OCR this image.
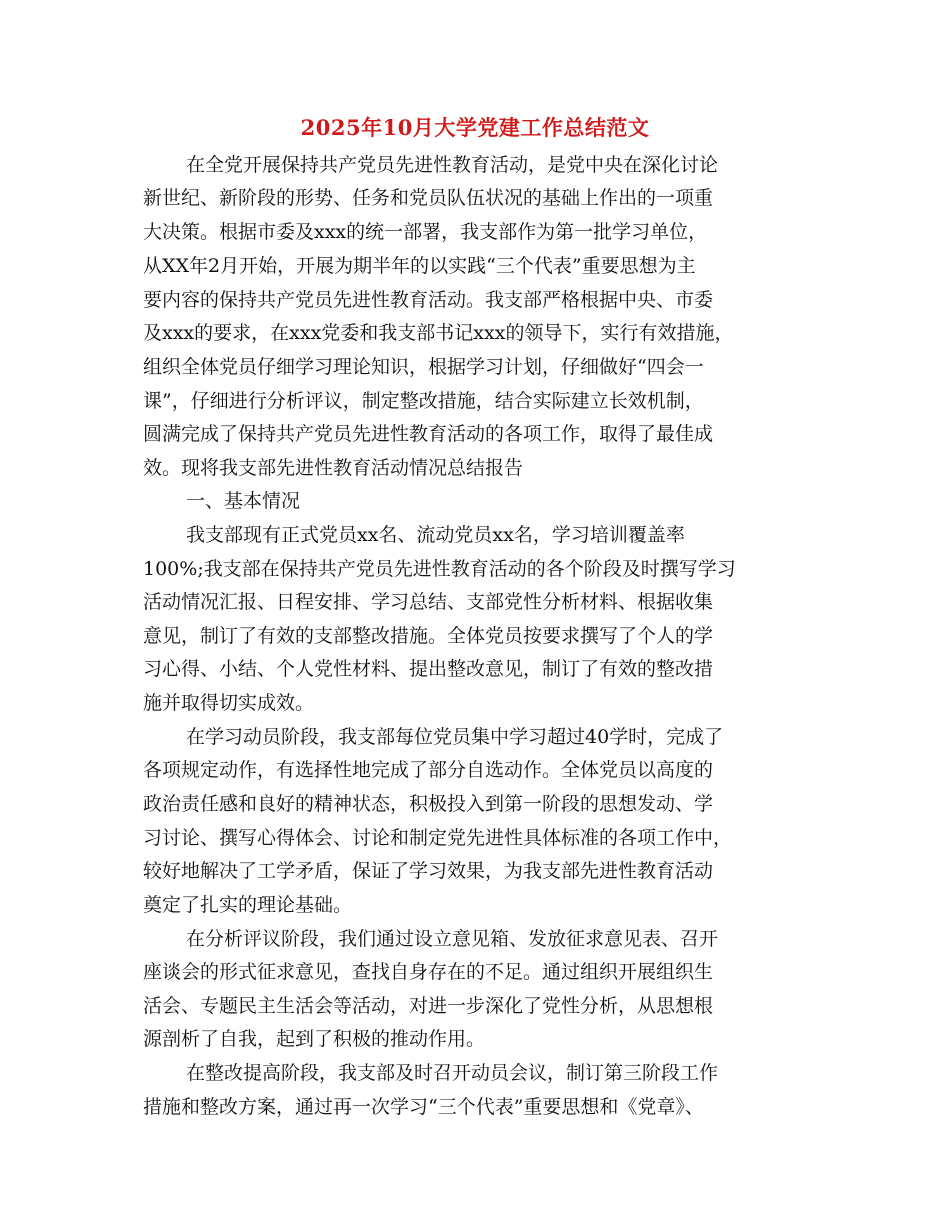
2025年10月大学党建工作总结范文

在全党开展保持共产党员先进性教育活动，是党中央在深化讨论

新世纪、新阶段的形势、任务和党员队伍状况的基础上作出的一项重

大决策。根据市委及xxx的统一部署，我支部作为第一批学习单位，

从XX年2月开始，开展为期半年的以实践“三个代表”重要思想为主

要内容的保持共产党员先进性教育活动。我支部严格根据中央、市委

及xxx的要求，在xxx党委和我支部书记xxx的领导下，实行有效措施，

组织全体党员仔细学习理论知识，根据学习计划，仔细做好“四会一

课”，仔细进行分析评议，制定整改措施，结合实际建立长效机制，

圆满完成了保持共产党员先进性教育活动的各项工作，取得了最佳成

效。现将我支部先进性教育活动情况总结报告

一、基本情况

我支部现有正式党员xx名、流动党员xx名，学习培训覆盖率

100%;我支部在保持共产党员先进性教育活动的各个阶段及时撰写学习

活动情况汇报、日程安排、学习总结、支部党性分析材料、根据收集

意见，制订了有效的支部整改措施。全体党员按要求撰写了个人的学

习心得、小结、个人党性材料、提出整改意见，制订了有效的整改措

施并取得切实成效。

在学习动员阶段，我支部每位党员集中学习超过40学时，完成了

各项规定动作，有选择性地完成了部分自选动作。全体党员以高度的

政治责任感和良好的精神状态，积极投入到第一阶段的思想发动、学

习讨论、撰写心得体会、讨论和制定党先进性具体标准的各项工作中，

较好地解决了工学矛盾，保证了学习效果，为我支部先进性教育活动

奠定了扎实的理论基础。

在分析评议阶段，我们通过设立意见箱、发放征求意见表、召开

座谈会的形式征求意见，查找自身存在的不足。通过组织开展组织生

活会、专题民主生活会等活动，对进一步深化了党性分析，从思想根

源剖析了自我，起到了积极的推动作用。

在整改提高阶段，我支部及时召开动员会议，制订第三阶段工作

措施和整改方案，通过再一次学习“三个代表”重要思想和《党章》、
